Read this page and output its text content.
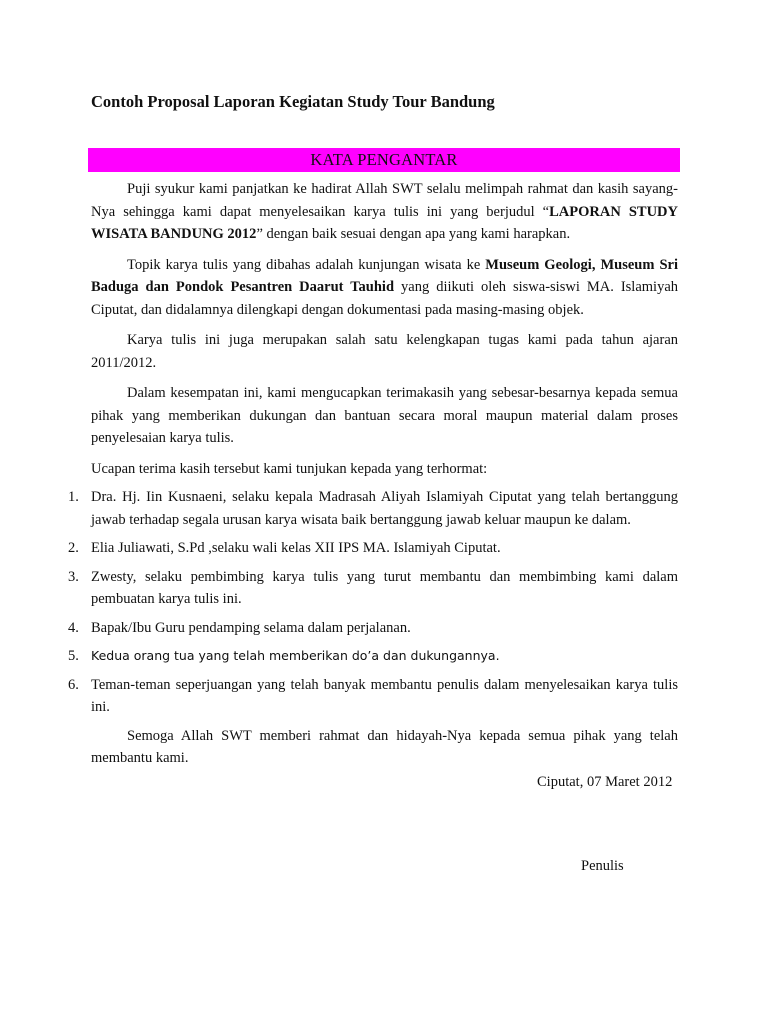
Contoh Proposal Laporan Kegiatan Study Tour Bandung
KATA PENGANTAR

Puji syukur kami panjatkan ke hadirat Allah SWT selalu melimpah rahmat dan kasih sayang-Nya sehingga kami dapat menyelesaikan karya tulis ini yang berjudul “LAPORAN STUDY WISATA BANDUNG 2012” dengan baik sesuai dengan apa yang kami harapkan.

Topik karya tulis yang dibahas adalah kunjungan wisata ke Museum Geologi, Museum Sri Baduga dan Pondok Pesantren Daarut Tauhid yang diikuti oleh siswa-siswi MA. Islamiyah Ciputat, dan didalamnya dilengkapi dengan dokumentasi pada masing-masing objek.

Karya tulis ini juga merupakan salah satu kelengkapan tugas kami pada tahun ajaran 2011/2012.

Dalam kesempatan ini, kami mengucapkan terimakasih yang sebesar-besarnya kepada semua pihak yang memberikan dukungan dan bantuan secara moral maupun material dalam proses penyelesaian karya tulis.

Ucapan terima kasih tersebut kami tunjukan kepada yang terhormat:

1. Dra. Hj. Iin Kusnaeni, selaku kepala Madrasah Aliyah Islamiyah Ciputat yang telah bertanggung jawab terhadap segala urusan karya wisata baik bertanggung jawab keluar maupun ke dalam.
2. Elia Juliawati, S.Pd ,selaku wali kelas XII IPS MA. Islamiyah Ciputat.
3. Zwesty, selaku pembimbing karya tulis yang turut membantu dan membimbing kami dalam pembuatan karya tulis ini.
4. Bapak/Ibu Guru pendamping selama dalam perjalanan.
5. Kedua orang tua yang telah memberikan do’a dan dukungannya.
6. Teman-teman seperjuangan yang telah banyak membantu penulis dalam menyelesaikan karya tulis ini.

Semoga Allah SWT memberi rahmat dan hidayah-Nya kepada semua pihak yang telah membantu kami.

Ciputat, 07 Maret 2012
Penulis
